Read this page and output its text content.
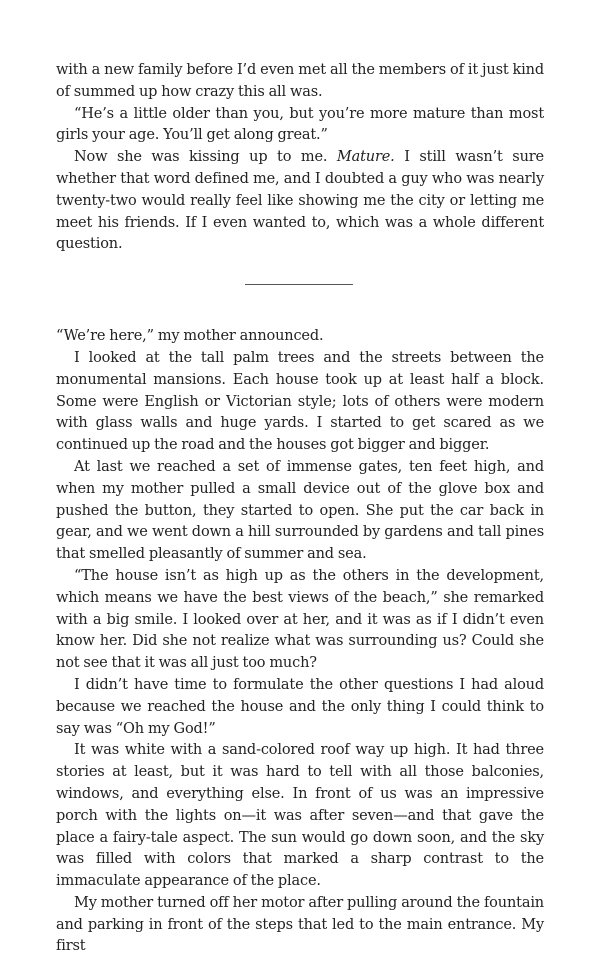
with a new family before I’d even met all the members of it just kind of summed up how crazy this all was.

“He’s a little older than you, but you’re more mature than most girls your age. You’ll get along great.”

Now she was kissing up to me. Mature. I still wasn’t sure whether that word defined me, and I doubted a guy who was nearly twenty-two would really feel like showing me the city or letting me meet his friends. If I even wanted to, which was a whole different question.

“We’re here,” my mother announced.

I looked at the tall palm trees and the streets between the monumental mansions. Each house took up at least half a block. Some were English or Victorian style; lots of others were modern with glass walls and huge yards. I started to get scared as we continued up the road and the houses got bigger and bigger.

At last we reached a set of immense gates, ten feet high, and when my mother pulled a small device out of the glove box and pushed the button, they started to open. She put the car back in gear, and we went down a hill surrounded by gardens and tall pines that smelled pleasantly of summer and sea.

“The house isn’t as high up as the others in the development, which means we have the best views of the beach,” she remarked with a big smile. I looked over at her, and it was as if I didn’t even know her. Did she not realize what was surrounding us? Could she not see that it was all just too much?

I didn’t have time to formulate the other questions I had aloud because we reached the house and the only thing I could think to say was “Oh my God!”

It was white with a sand-colored roof way up high. It had three stories at least, but it was hard to tell with all those balconies, windows, and everything else. In front of us was an impressive porch with the lights on—it was after seven—and that gave the place a fairy-tale aspect. The sun would go down soon, and the sky was filled with colors that marked a sharp contrast to the immaculate appearance of the place.

My mother turned off her motor after pulling around the fountain and parking in front of the steps that led to the main entrance. My first
